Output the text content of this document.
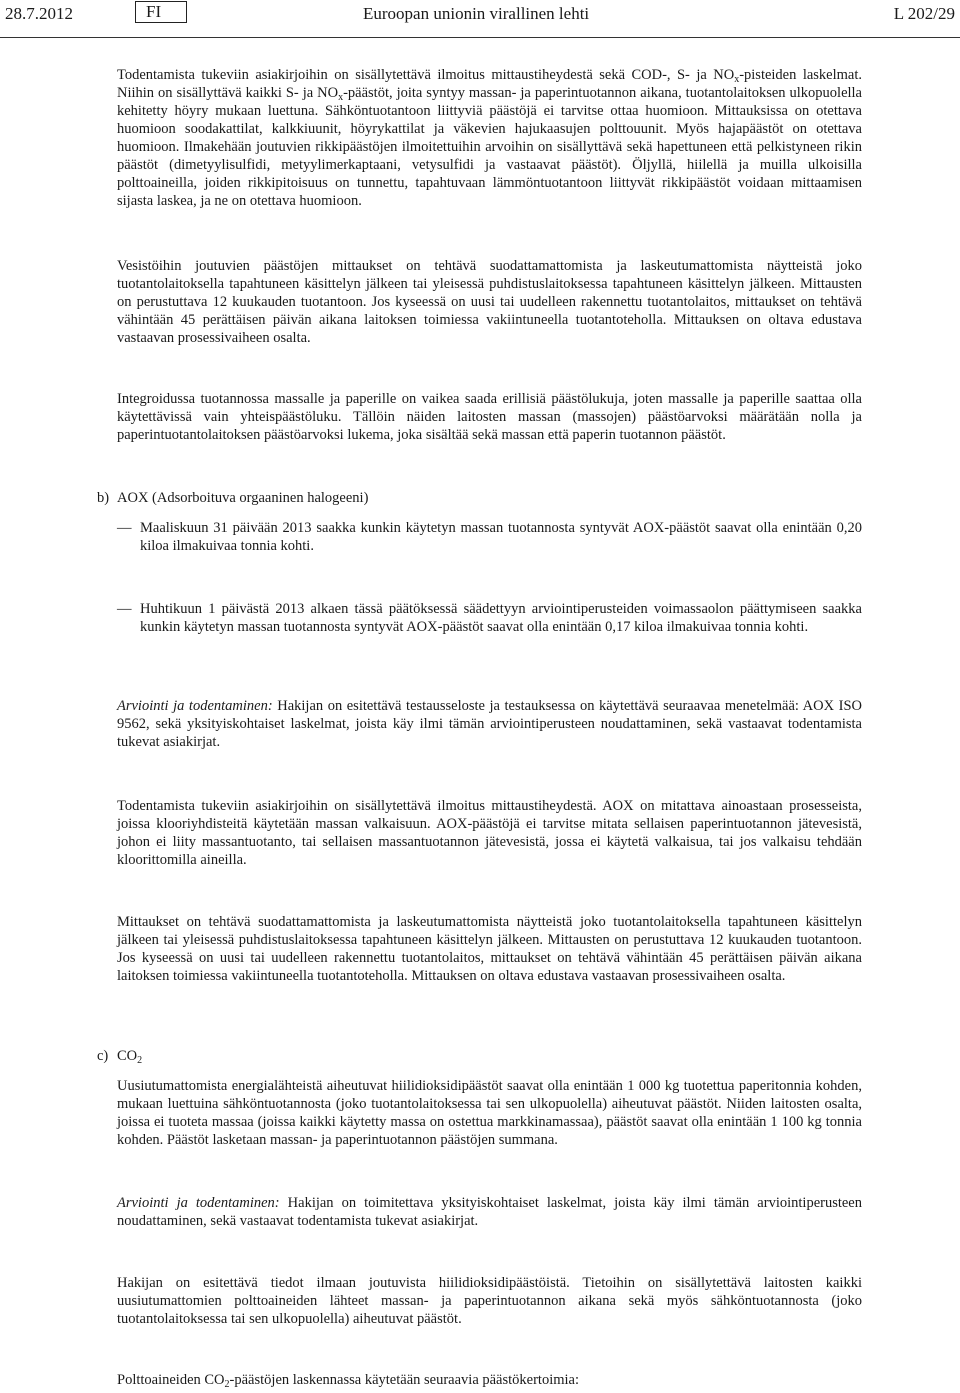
28.7.2012	FI	Euroopan unionin virallinen lehti	L 202/29

Todentamista tukeviin asiakirjoihin on sisällytettävä ilmoitus mittaustiheydestä sekä COD-, S- ja $NO_x$-pisteiden laskelmat. Niihin on sisällyttävä kaikki S- ja $NO_x$-päästöt, joita syntyy massan- ja paperintuotannon aikana, tuotantolaitoksen ulkopuolella kehitetty höyry mukaan luettuna. Sähköntuotantoon liittyviä päästöjä ei tarvitse ottaa huomioon. Mittauksissa on otettava huomioon soodakattilat, kalkkiuunit, höyrykattilat ja väkevien hajukaasujen polttouunit. Myös hajapäästöt on otettava huomioon. Ilmakehään joutuvien rikkipäästöjen ilmoitettuihin arvoihin on sisällyttävä sekä hapettuneen että pelkistyneen rikin päästöt (dimetyylisulfidi, metyylimerkaptaani, vetysulfidi ja vastaavat päästöt). Öljyllä, hiilellä ja muilla ulkoisilla polttoaineilla, joiden rikkipitoisuus on tunnettu, tapahtuvaan lämmöntuotantoon liittyvät rikkipäästöt voidaan mittaamisen sijasta laskea, ja ne on otettava huomioon.

Vesistöihin joutuvien päästöjen mittaukset on tehtävä suodattamattomista ja laskeutumattomista näytteistä joko tuotantolaitoksella tapahtuneen käsittelyn jälkeen tai yleisessä puhdistuslaitoksessa tapahtuneen käsittelyn jälkeen. Mittausten on perustuttava 12 kuukauden tuotantoon. Jos kyseessä on uusi tai uudelleen rakennettu tuotantolaitos, mittaukset on tehtävä vähintään 45 perättäisen päivän aikana laitoksen toimiessa vakiintuneella tuotantoteholla. Mittauksen on oltava edustava vastaavan prosessivaiheen osalta.

Integroidussa tuotannossa massalle ja paperille on vaikea saada erillisiä päästölukuja, joten massalle ja paperille saattaa olla käytettävissä vain yhteispäästöluku. Tällöin näiden laitosten massan (massojen) päästöarvoksi määrätään nolla ja paperintuotantolaitoksen päästöarvoksi lukema, joka sisältää sekä massan että paperin tuotannon päästöt.

b) AOX (Adsorboituva orgaaninen halogeeni)
— Maaliskuun 31 päivään 2013 saakka kunkin käytetyn massan tuotannosta syntyvät AOX-päästöt saavat olla enintään 0,20 kiloa ilmakuivaa tonnia kohti.

— Huhtikuun 1 päivästä 2013 alkaen tässä päätöksessä säädettyyn arviointiperusteiden voimassaolon päättymiseen saakka kunkin käytetyn massan tuotannosta syntyvät AOX-päästöt saavat olla enintään 0,17 kiloa ilmakuivaa tonnia kohti.

Arviointi ja todentaminen: Hakijan on esitettävä testausseloste ja testauksessa on käytettävä seuraavaa menetelmää: AOX ISO 9562, sekä yksityiskohtaiset laskelmat, joista käy ilmi tämän arviointiperusteen noudattaminen, sekä vastaavat todentamista tukevat asiakirjat.

Todentamista tukeviin asiakirjoihin on sisällytettävä ilmoitus mittaustiheydestä. AOX on mitattava ainoastaan prosesseista, joissa klooriyhdisteitä käytetään massan valkaisuun. AOX-päästöjä ei tarvitse mitata sellaisen paperintuotannon jätevesistä, johon ei liity massantuotanto, tai sellaisen massantuotannon jätevesistä, jossa ei käytetä valkaisua, tai jos valkaisu tehdään kloorittomilla aineilla.

Mittaukset on tehtävä suodattamattomista ja laskeutumattomista näytteistä joko tuotantolaitoksella tapahtuneen käsittelyn jälkeen tai yleisessä puhdistuslaitoksessa tapahtuneen käsittelyn jälkeen. Mittausten on perustuttava 12 kuukauden tuotantoon. Jos kyseessä on uusi tai uudelleen rakennettu tuotantolaitos, mittaukset on tehtävä vähintään 45 perättäisen päivän aikana laitoksen toimiessa vakiintuneella tuotantoteholla. Mittauksen on oltava edustava vastaavan prosessivaiheen osalta.

c) $CO_2$

Uusiutumattomista energialähteistä aiheutuvat hiilidioksidipäästöt saavat olla enintään 1 000 kg tuotettua paperitonnia kohden, mukaan luettuina sähköntuotannosta (joko tuotantolaitoksessa tai sen ulkopuolella) aiheutuvat päästöt. Niiden laitosten osalta, joissa ei tuoteta massaa (joissa kaikki käytetty massa on ostettua markkinamassaa), päästöt saavat olla enintään 1 100 kg tonnia kohden. Päästöt lasketaan massan- ja paperintuotannon päästöjen summana.

Arviointi ja todentaminen: Hakijan on toimitettava yksityiskohtaiset laskelmat, joista käy ilmi tämän arviointiperusteen noudattaminen, sekä vastaavat todentamista tukevat asiakirjat.

Hakijan on esitettävä tiedot ilmaan joutuvista hiilidioksidipäästöistä. Tietoihin on sisällytettävä laitosten kaikki uusiutumattomien polttoaineiden lähteet massan- ja paperintuotannon aikana sekä myös sähköntuotannosta (joko tuotantolaitoksessa tai sen ulkopuolella) aiheutuvat päästöt.

Polttoaineiden $CO_2$-päästöjen laskennassa käytetään seuraavia päästökertoimia:
